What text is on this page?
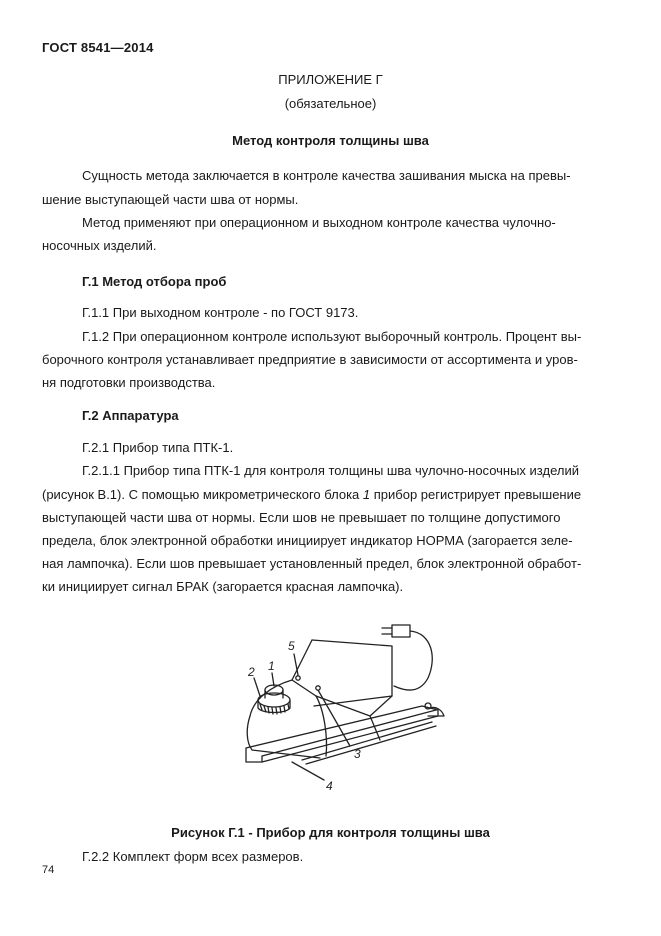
ГОСТ 8541—2014
ПРИЛОЖЕНИЕ Г
(обязательное)
Метод контроля толщины шва
Сущность метода заключается в контроле качества зашивания мыска на превы-
шение выступающей части шва от нормы.
Метод применяют при операционном и выходном контроле качества чулочно-
носочных изделий.
Г.1 Метод отбора проб
Г.1.1 При выходном контроле - по ГОСТ 9173.
Г.1.2 При операционном контроле используют выборочный контроль. Процент вы-
борочного контроля устанавливает предприятие в зависимости от ассортимента и уров-
ня подготовки производства.
Г.2 Аппаратура
Г.2.1 Прибор типа ПТК-1.
Г.2.1.1 Прибор типа ПТК-1 для контроля толщины шва чулочно-носочных изделий
(рисунок В.1). С помощью микрометрического блока 1 прибор регистрирует превышение
выступающей части шва от нормы. Если шов не превышает по толщине допустимого
предела, блок электронной обработки инициирует индикатор НОРМА (загорается зеле-
ная лампочка). Если шов превышает установленный предел, блок электронной обработ-
ки инициирует сигнал БРАК (загорается красная лампочка).
1
2
3
4
5
Рисунок Г.1 - Прибор для контроля толщины шва
Г.2.2 Комплект форм всех размеров.
74
